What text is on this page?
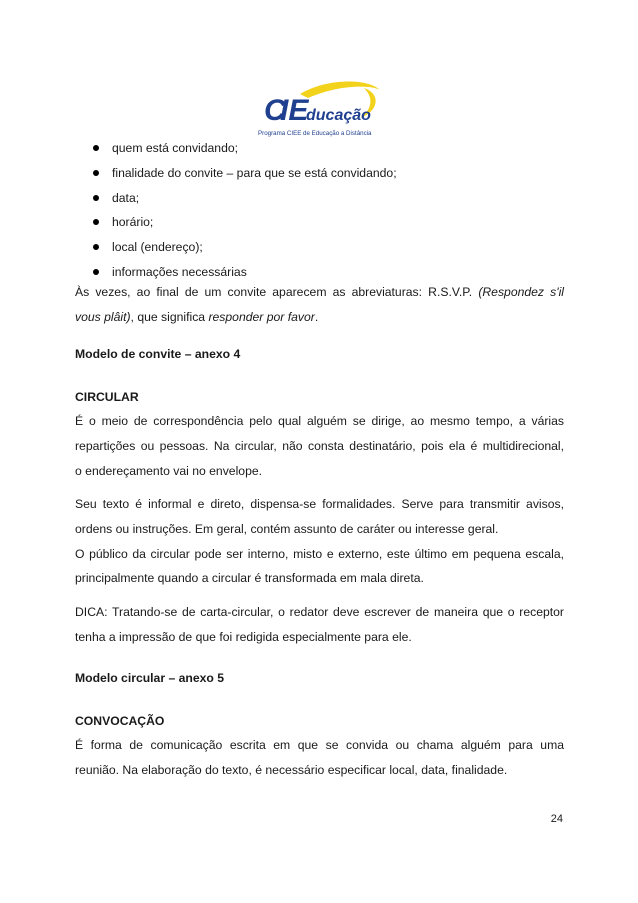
C
IE
ducação
Programa CIEE de Educação a Distância
quem está convidando;
finalidade do convite – para que se está convidando;
data;
horário;
local (endereço);
informações necessárias
Às vezes, ao final de um convite aparecem as abreviaturas: R.S.V.P. (Respondez s'il
vous plâit), que significa responder por favor.
Modelo de convite – anexo 4
CIRCULAR
É o meio de correspondência pelo qual alguém se dirige, ao mesmo tempo, a várias
repartições ou pessoas. Na circular, não consta destinatário, pois ela é multidirecional,
o endereçamento vai no envelope.
Seu texto é informal e direto, dispensa-se formalidades. Serve para transmitir avisos,
ordens ou instruções. Em geral, contém assunto de caráter ou interesse geral.
O público da circular pode ser interno, misto e externo, este último em pequena escala,
principalmente quando a circular é transformada em mala direta.
DICA: Tratando-se de carta-circular, o redator deve escrever de maneira que o receptor
tenha a impressão de que foi redigida especialmente para ele.
Modelo circular – anexo 5
CONVOCAÇÃO
É forma de comunicação escrita em que se convida ou chama alguém para uma
reunião. Na elaboração do texto, é necessário especificar local, data, finalidade.
24
